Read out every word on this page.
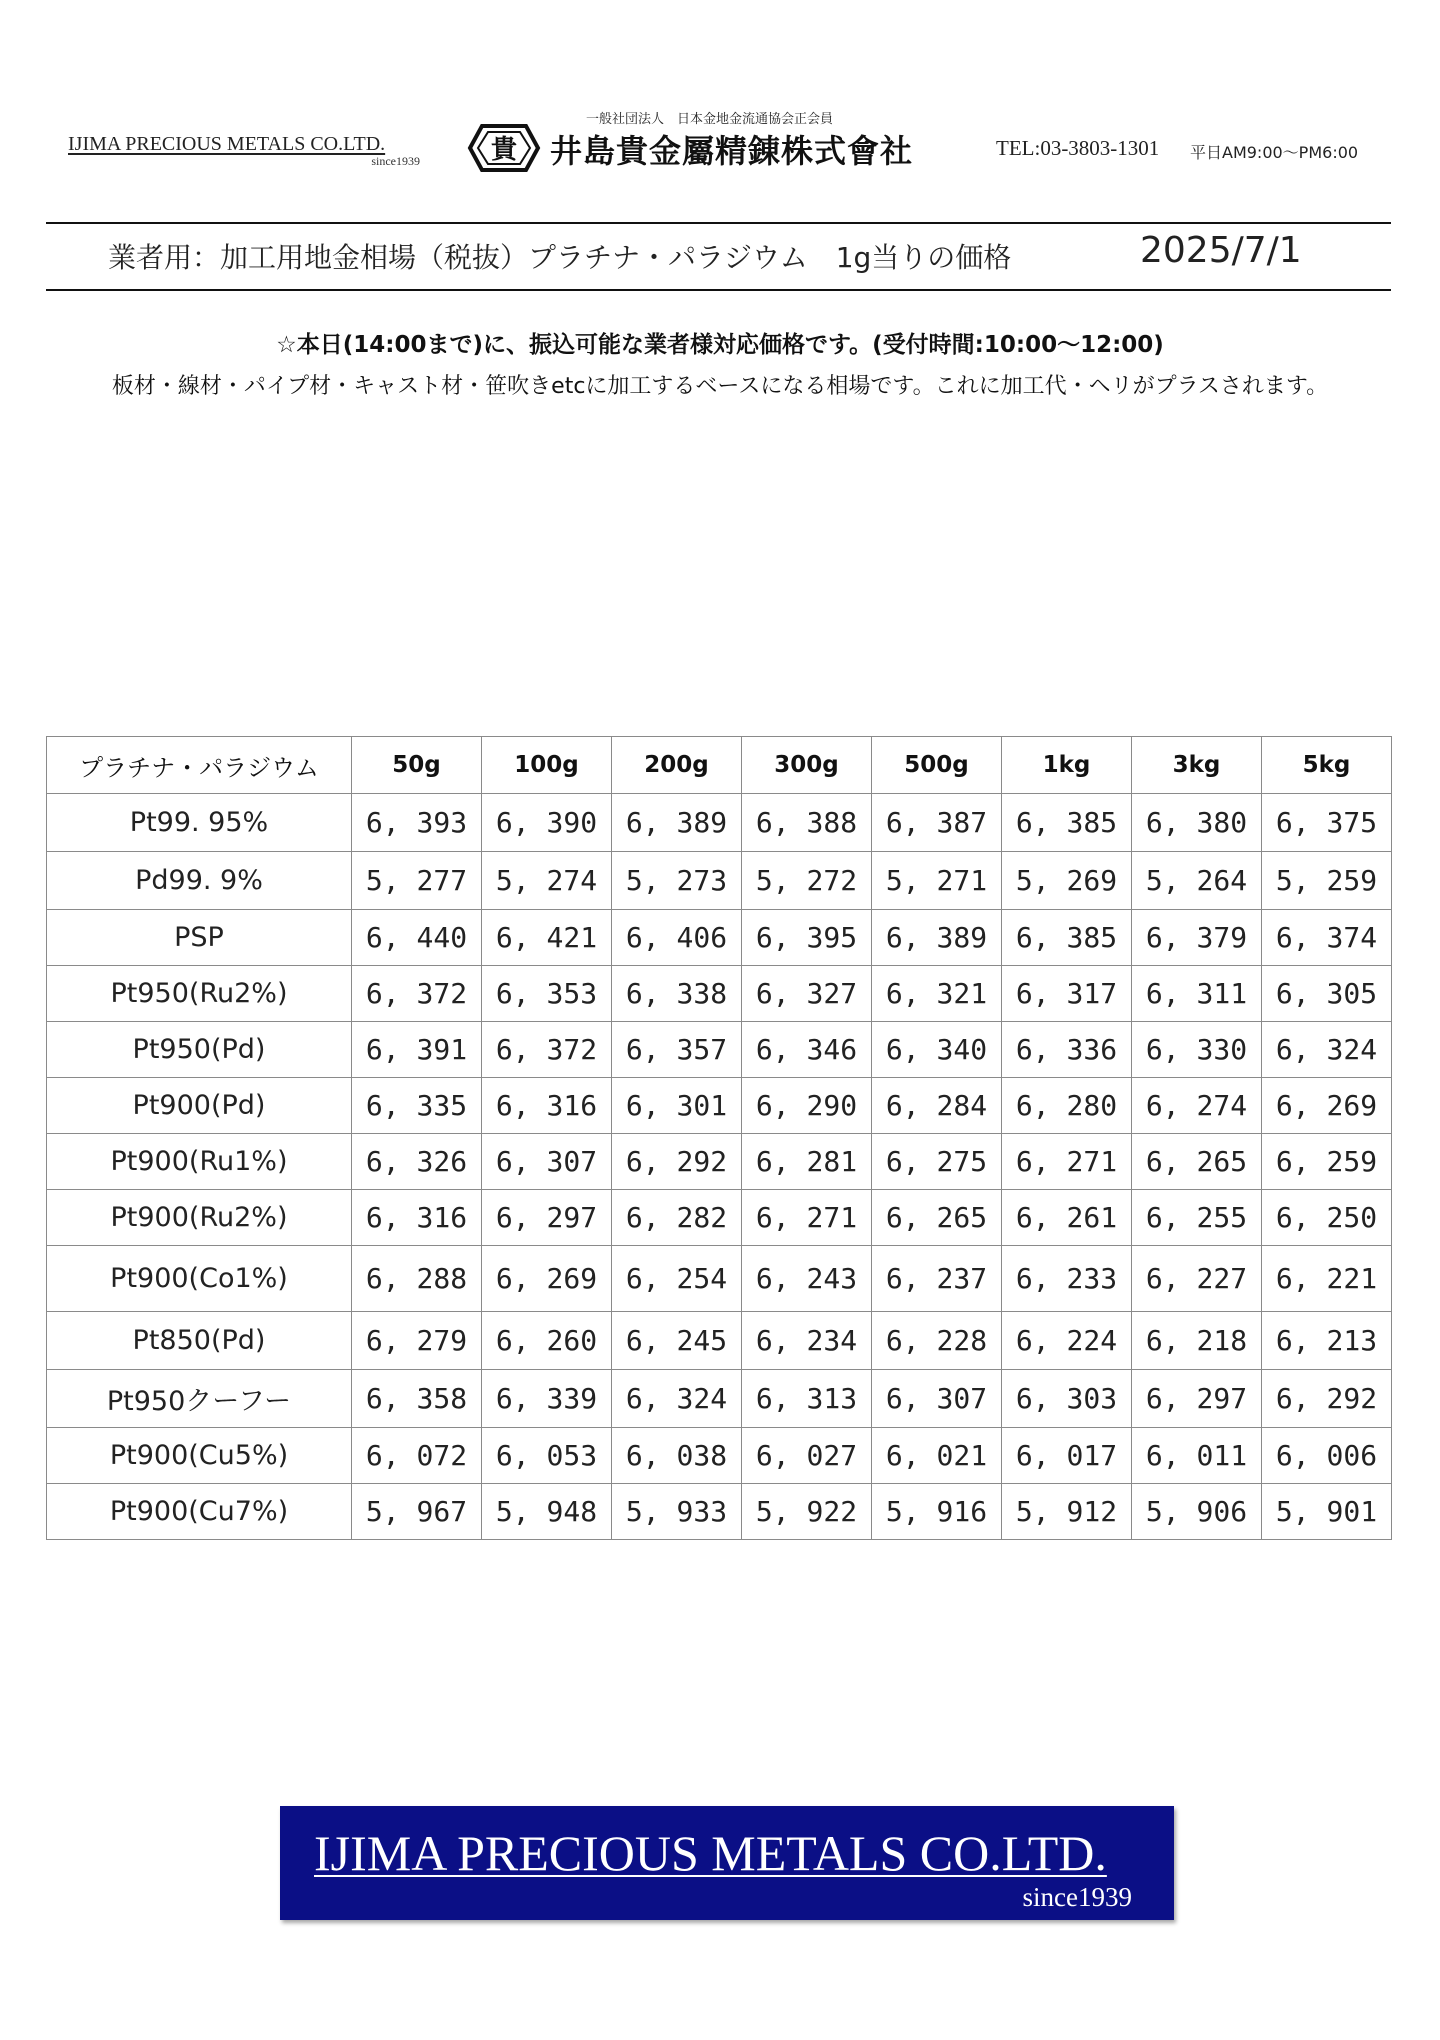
IJIMA PRECIOUS METALS CO.LTD.
since1939
一般社団法人　日本金地金流通協会正会員
貴 井島貴金屬精錬株式會社	TEL:03-3803-1301 平日AM9:00〜PM6:00
業者用：加工用地金相場（税抜）プラチナ・パラジウム　1g当りの価格	2025/7/1
☆本日(14:00まで)に、振込可能な業者様対応価格です。(受付時間:10:00〜12:00)
板材・線材・パイプ材・キャスト材・笹吹きetcに加工するベースになる相場です。これに加工代・ヘリがプラスされます。
プラチナ・パラジウム	50g	100g	200g	300g	500g	1kg	3kg	5kg
Pt99. 95%	6, 393	6, 390	6, 389	6, 388	6, 387	6, 385	6, 380	6, 375
Pd99. 9%	5, 277	5, 274	5, 273	5, 272	5, 271	5, 269	5, 264	5, 259
PSP	6, 440	6, 421	6, 406	6, 395	6, 389	6, 385	6, 379	6, 374
Pt950(Ru2%)	6, 372	6, 353	6, 338	6, 327	6, 321	6, 317	6, 311	6, 305
Pt950(Pd)	6, 391	6, 372	6, 357	6, 346	6, 340	6, 336	6, 330	6, 324
Pt900(Pd)	6, 335	6, 316	6, 301	6, 290	6, 284	6, 280	6, 274	6, 269
Pt900(Ru1%)	6, 326	6, 307	6, 292	6, 281	6, 275	6, 271	6, 265	6, 259
Pt900(Ru2%)	6, 316	6, 297	6, 282	6, 271	6, 265	6, 261	6, 255	6, 250
Pt900(Co1%)	6, 288	6, 269	6, 254	6, 243	6, 237	6, 233	6, 227	6, 221
Pt850(Pd)	6, 279	6, 260	6, 245	6, 234	6, 228	6, 224	6, 218	6, 213
Pt950クーフー	6, 358	6, 339	6, 324	6, 313	6, 307	6, 303	6, 297	6, 292
Pt900(Cu5%)	6, 072	6, 053	6, 038	6, 027	6, 021	6, 017	6, 011	6, 006
Pt900(Cu7%)	5, 967	5, 948	5, 933	5, 922	5, 916	5, 912	5, 906	5, 901
IJIMA PRECIOUS METALS CO.LTD.
since1939
